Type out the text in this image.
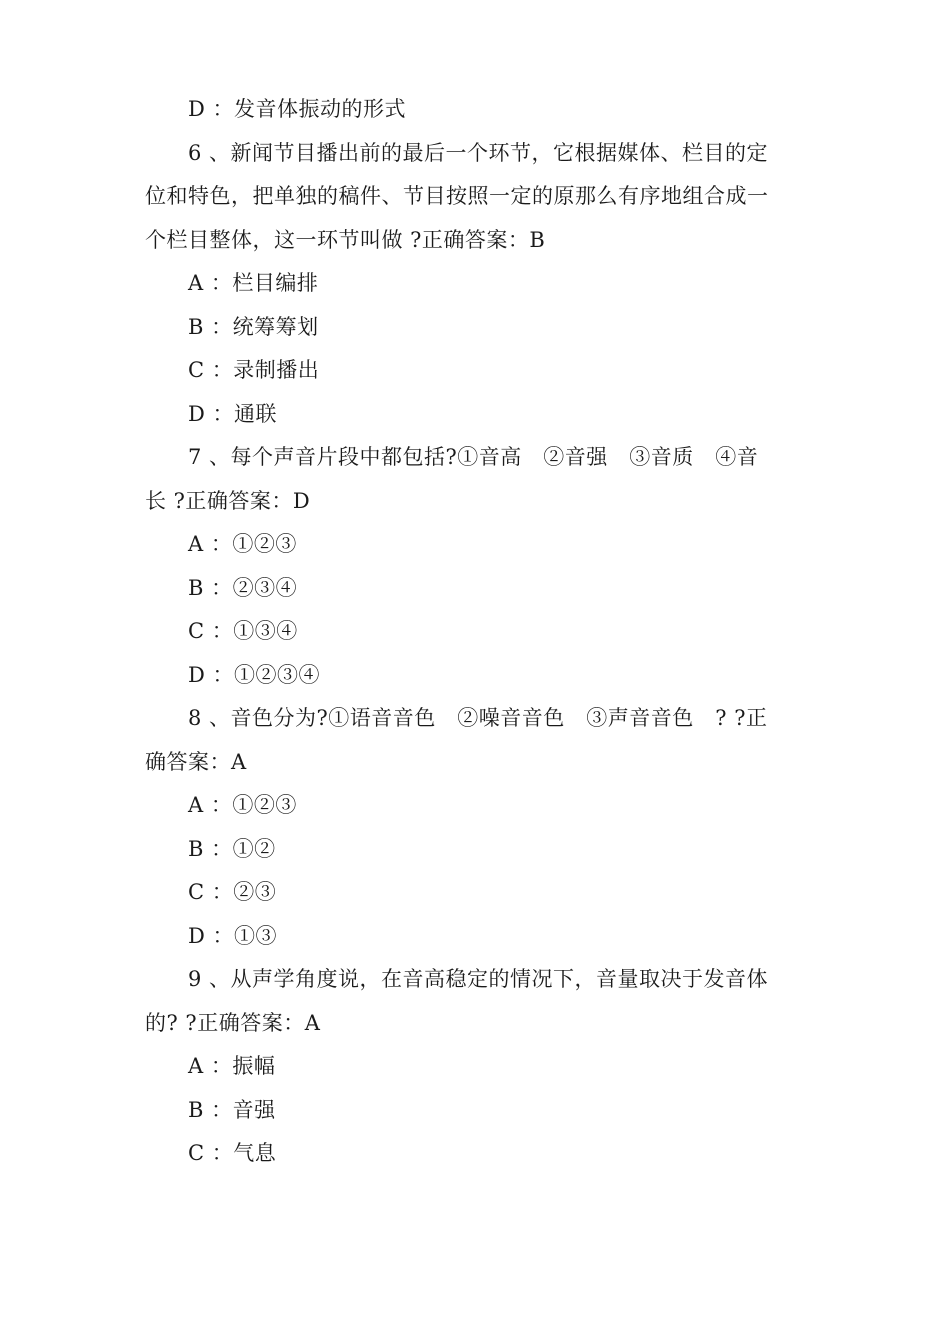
D ：发音体振动的形式
6 、新闻节目播出前的最后一个环节，它根据媒体、栏目的定
位和特色，把单独的稿件、节目按照一定的原那么有序地组合成一
个栏目整体，这一环节叫做 ?正确答案：B
A ：栏目编排
B ：统筹筹划
C ：录制播出
D ：通联
7 、每个声音片段中都包括?①音高　②音强　③音质　④音
长 ?正确答案：D
A ：①②③
B ：②③④
C ：①③④
D ：①②③④
8 、音色分为?①语音音色　②噪音音色　③声音音色　? ?正
确答案：A
A ：①②③
B ：①②
C ：②③
D ：①③
9 、从声学角度说，在音高稳定的情况下，音量取决于发音体
的? ?正确答案：A
A ：振幅
B ：音强
C ：气息
